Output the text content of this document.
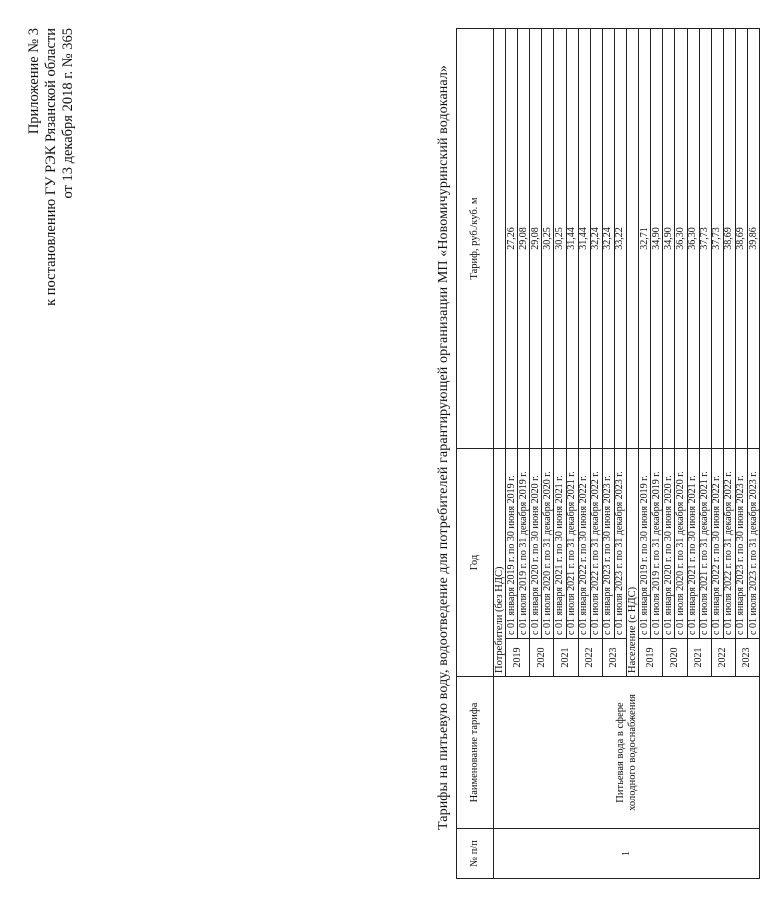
Приложение № 3 к постановлению ГУ РЭК Рязанской области от 13 декабря 2018 г. № 365	Тарифы на питьевую воду, водоотведение для потребителей гарантирующей организации МП «Новомичуринский водоканал»
№ п/п	Наименование тарифа	Год		Тариф, руб./куб. м
1	Питьевая вода в сфере холодного водоснабжения	Потребители (без НДС)		
		2019	с 01 января 2019 г. по 30 июня 2019 г.	27,26
			с 01 июля 2019 г. по 31 декабря 2019 г.	29,08
		2020	с 01 января 2020 г. по 30 июня 2020 г.	29,08
			с 01 июля 2020 г. по 31 декабря 2020 г.	30,25
		2021	с 01 января 2021 г. по 30 июня 2021 г.	30,25
			с 01 июля 2021 г. по 31 декабря 2021 г.	31,44
		2022	с 01 января 2022 г. по 30 июня 2022 г.	31,44
			с 01 июля 2022 г. по 31 декабря 2022 г.	32,24
		2023	с 01 января 2023 г. по 30 июня 2023 г.	32,24
			с 01 июля 2023 г. по 31 декабря 2023 г.	33,22
		Население (с НДС)		
		2019	с 01 января 2019 г. по 30 июня 2019 г.	32,71
			с 01 июля 2019 г. по 31 декабря 2019 г.	34,90
		2020	с 01 января 2020 г. по 30 июня 2020 г.	34,90
			с 01 июля 2020 г. по 31 декабря 2020 г.	36,30
		2021	с 01 января 2021 г. по 30 июня 2021 г.	36,30
			с 01 июля 2021 г. по 31 декабря 2021 г.	37,73
		2022	с 01 января 2022 г. по 30 июня 2022 г.	37,73
			с 01 июля 2022 г. по 31 декабря 2022 г.	38,69
		2023	с 01 января 2023 г. по 30 июня 2023 г.	38,69
			с 01 июля 2023 г. по 31 декабря 2023 г.	39,86
